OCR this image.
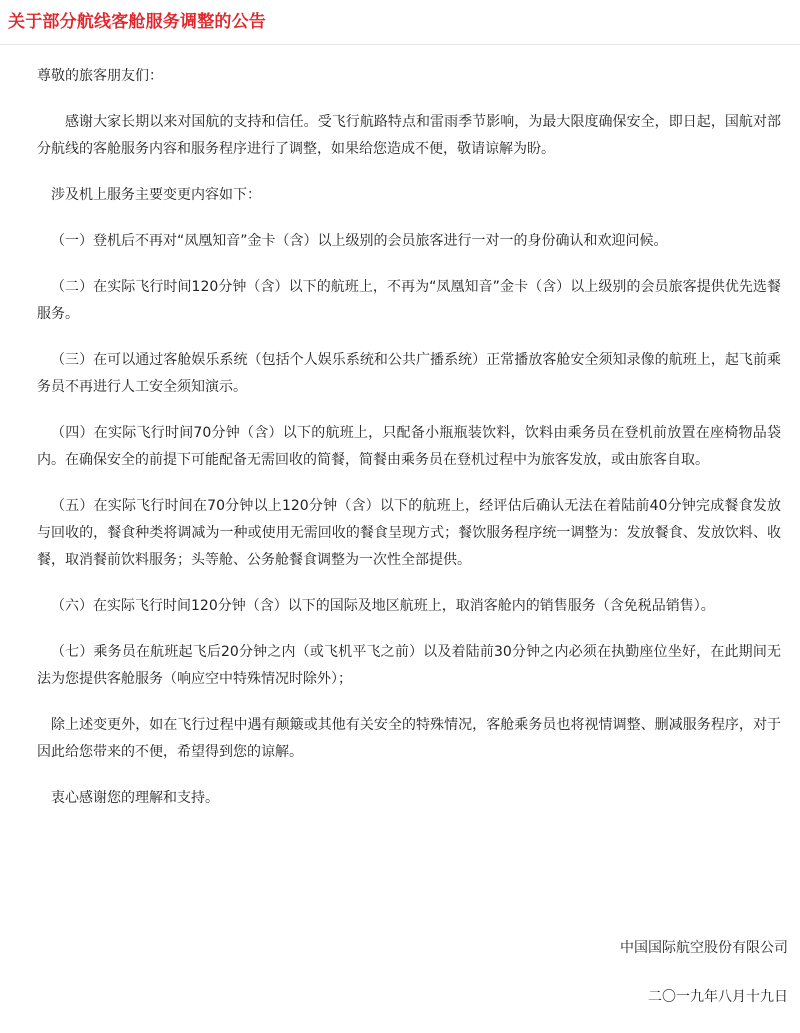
关于部分航线客舱服务调整的公告

尊敬的旅客朋友们：

感谢大家长期以来对国航的支持和信任。受飞行航路特点和雷雨季节影响，为最大限度确保安全，即日起，国航对部分航线的客舱服务内容和服务程序进行了调整，如果给您造成不便，敬请谅解为盼。

涉及机上服务主要变更内容如下：

（一）登机后不再对“凤凰知音”金卡（含）以上级别的会员旅客进行一对一的身份确认和欢迎问候。

（二）在实际飞行时间120分钟（含）以下的航班上，不再为“凤凰知音”金卡（含）以上级别的会员旅客提供优先选餐服务。

（三）在可以通过客舱娱乐系统（包括个人娱乐系统和公共广播系统）正常播放客舱安全须知录像的航班上，起飞前乘务员不再进行人工安全须知演示。

（四）在实际飞行时间70分钟（含）以下的航班上，只配备小瓶瓶装饮料，饮料由乘务员在登机前放置在座椅物品袋内。在确保安全的前提下可能配备无需回收的简餐，简餐由乘务员在登机过程中为旅客发放，或由旅客自取。

（五）在实际飞行时间在70分钟以上120分钟（含）以下的航班上，经评估后确认无法在着陆前40分钟完成餐食发放与回收的，餐食种类将调减为一种或使用无需回收的餐食呈现方式；餐饮服务程序统一调整为：发放餐食、发放饮料、收餐，取消餐前饮料服务；头等舱、公务舱餐食调整为一次性全部提供。

（六）在实际飞行时间120分钟（含）以下的国际及地区航班上，取消客舱内的销售服务（含免税品销售）。

（七）乘务员在航班起飞后20分钟之内（或飞机平飞之前）以及着陆前30分钟之内必须在执勤座位坐好，在此期间无法为您提供客舱服务（响应空中特殊情况时除外）；

除上述变更外，如在飞行过程中遇有颠簸或其他有关安全的特殊情况，客舱乘务员也将视情调整、删减服务程序，对于因此给您带来的不便，希望得到您的谅解。

衷心感谢您的理解和支持。

中国国际航空股份有限公司
二〇一九年八月十九日
